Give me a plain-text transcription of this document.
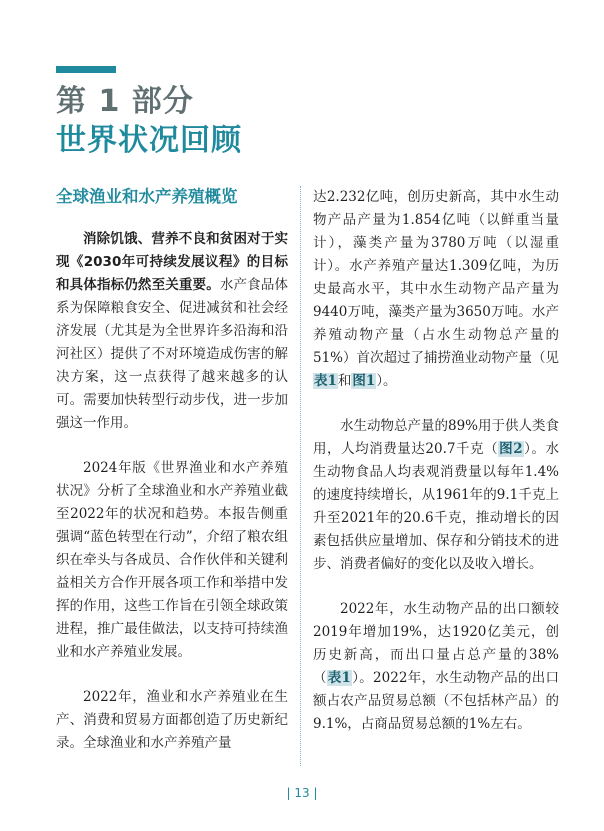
第 1 部分
世界状况回顾
全球渔业和水产养殖概览

消除饥饿、营养不良和贫困对于实现《2030年可持续发展议程》的目标和具体指标仍然至关重要。水产食品体系为保障粮食安全、促进减贫和社会经济发展（尤其是为全世界许多沿海和沿河社区）提供了不对环境造成伤害的解决方案，这一点获得了越来越多的认可。需要加快转型行动步伐，进一步加强这一作用。

2024年版《世界渔业和水产养殖状况》分析了全球渔业和水产养殖业截至2022年的状况和趋势。本报告侧重强调“蓝色转型在行动”，介绍了粮农组织在牵头与各成员、合作伙伴和关键利益相关方合作开展各项工作和举措中发挥的作用，这些工作旨在引领全球政策进程，推广最佳做法，以支持可持续渔业和水产养殖业发展。

2022年，渔业和水产养殖业在生产、消费和贸易方面都创造了历史新纪录。全球渔业和水产养殖产量

达2.232亿吨，创历史新高，其中水生动物产品产量为1.854亿吨（以鲜重当量计），藻类产量为3780万吨（以湿重计）。水产养殖产量达1.309亿吨，为历史最高水平，其中水生动物产品产量为9440万吨，藻类产量为3650万吨。水产养殖动物产量（占水生动物总产量的51%）首次超过了捕捞渔业动物产量（见表1和图1）。

水生动物总产量的89%用于供人类食用，人均消费量达20.7千克（图2）。水生动物食品人均表观消费量以每年1.4%的速度持续增长，从1961年的9.1千克上升至2021年的20.6千克，推动增长的因素包括供应量增加、保存和分销技术的进步、消费者偏好的变化以及收入增长。

2022年，水生动物产品的出口额较2019年增加19%，达1920亿美元，创历史新高，而出口量占总产量的38%（表1）。2022年，水生动物产品的出口额占农产品贸易总额（不包括林产品）的9.1%，占商品贸易总额的1%左右。

| 13 |
